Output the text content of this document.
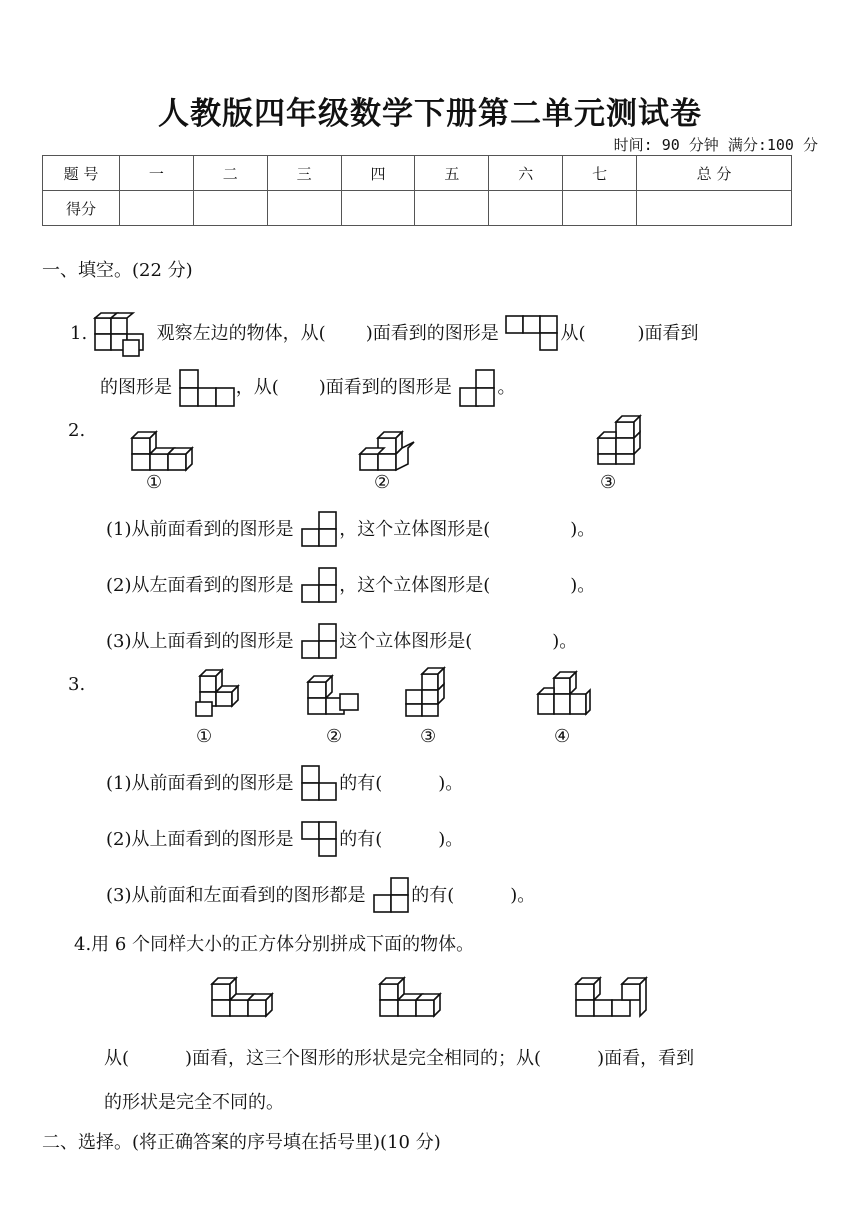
人教版四年级数学下册第二单元测试卷
时间: 90 分钟 满分:100 分
题 号	一	二	三	四	五	六	七	总 分
得分								
一、填空。(22 分)
1.	观察左边的物体，从( )面看到的图形是	从(	)面看到
的图形是	，从( )面看到的图形是	。
2.
①	②	③
(1)从前面看到的图形是	，这个立体图形是(	)。
(2)从左面看到的图形是	，这个立体图形是(	)。
(3)从上面看到的图形是	这个立体图形是(	)。
3.
①	②	③	④
(1)从前面看到的图形是	的有(	)。
(2)从上面看到的图形是	的有(	)。
(3)从前面和左面看到的图形都是	的有(	)。
4.用 6 个同样大小的正方体分别拼成下面的物体。
从(	)面看，这三个图形的形状是完全相同的；从(	)面看，看到
的形状是完全不同的。
二、选择。(将正确答案的序号填在括号里)(10 分)
